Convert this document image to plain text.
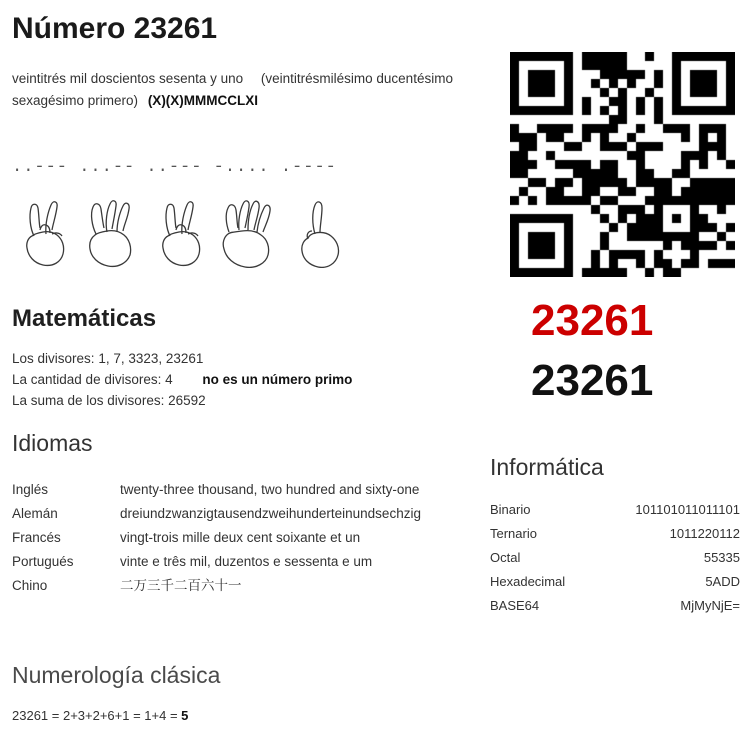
Número 23261
veintitrés mil doscientos sesenta y uno (veintitrésmilésimo ducentésimo sexagésimo primero) (X)(X)MMMCCLXI
..--- ...-- ..--- -.... .----
Matemáticas
Los divisores: 1, 7, 3323, 23261
La cantidad de divisores: 4 no es un número primo
La suma de los divisores: 26592
Idiomas
Inglés	twenty-three thousand, two hundred and sixty-one
Alemán	dreiundzwanzigtausendzweihunderteinundsechzig
Francés	vingt-trois mille deux cent soixante et un
Portugués	vinte e três mil, duzentos e sessenta e um
Chino	二万三千二百六十一
Informática
Binario	101101011011101
Ternario	1011220112
Octal	55335
Hexadecimal	5ADD
BASE64	MjMyNjE=
Numerología clásica
23261 = 2+3+2+6+1 = 1+4 = 5
23261
23261
